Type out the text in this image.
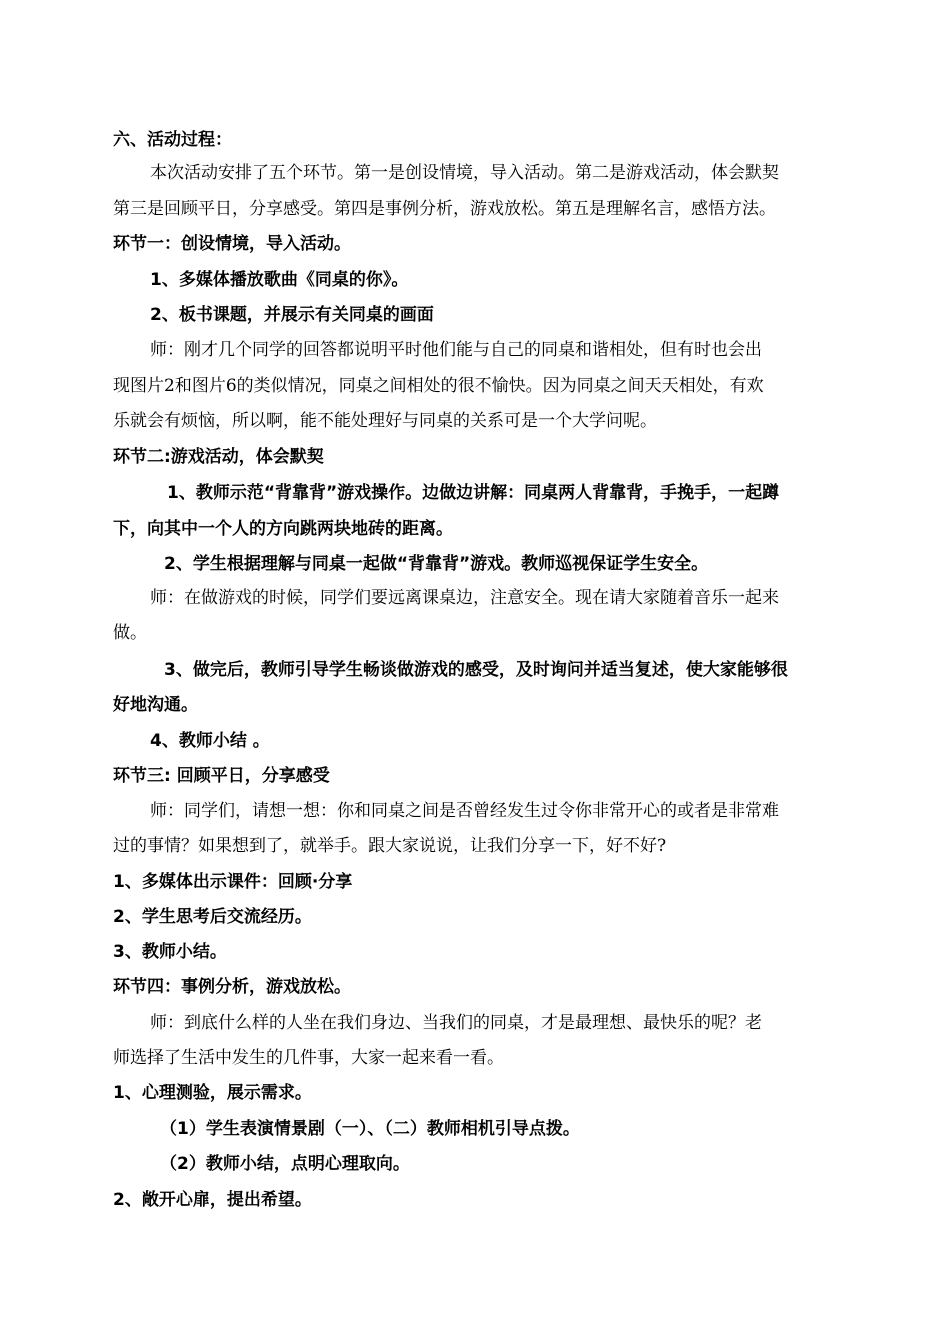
六、活动过程：
本次活动安排了五个环节。第一是创设情境，导入活动。第二是游戏活动，体会默契
第三是回顾平日，分享感受。第四是事例分析，游戏放松。第五是理解名言，感悟方法。
环节一：创设情境，导入活动。
1、多媒体播放歌曲《同桌的你》。
2、板书课题，并展示有关同桌的画面
师：刚才几个同学的回答都说明平时他们能与自己的同桌和谐相处，但有时也会出
现图片2和图片6的类似情况，同桌之间相处的很不愉快。因为同桌之间天天相处，有欢
乐就会有烦恼，所以啊，能不能处理好与同桌的关系可是一个大学问呢。
环节二:游戏活动，体会默契
1、教师示范“背靠背”游戏操作。边做边讲解：同桌两人背靠背，手挽手，一起蹲
下，向其中一个人的方向跳两块地砖的距离。
2、学生根据理解与同桌一起做“背靠背”游戏。教师巡视保证学生安全。
师：在做游戏的时候，同学们要远离课桌边，注意安全。现在请大家随着音乐一起来
做。
3、做完后，教师引导学生畅谈做游戏的感受，及时询问并适当复述，使大家能够很
好地沟通。
4、教师小结 。
环节三: 回顾平日，分享感受
师：同学们，请想一想：你和同桌之间是否曾经发生过令你非常开心的或者是非常难
过的事情？如果想到了，就举手。跟大家说说，让我们分享一下，好不好?
1、多媒体出示课件：回顾·分享
2、学生思考后交流经历。
3、教师小结。
环节四：事例分析，游戏放松。
师：到底什么样的人坐在我们身边、当我们的同桌，才是最理想、最快乐的呢？老
师选择了生活中发生的几件事，大家一起来看一看。
1、心理测验，展示需求。
（1）学生表演情景剧（一）、（二）教师相机引导点拨。
（2）教师小结，点明心理取向。
2、敞开心扉，提出希望。
